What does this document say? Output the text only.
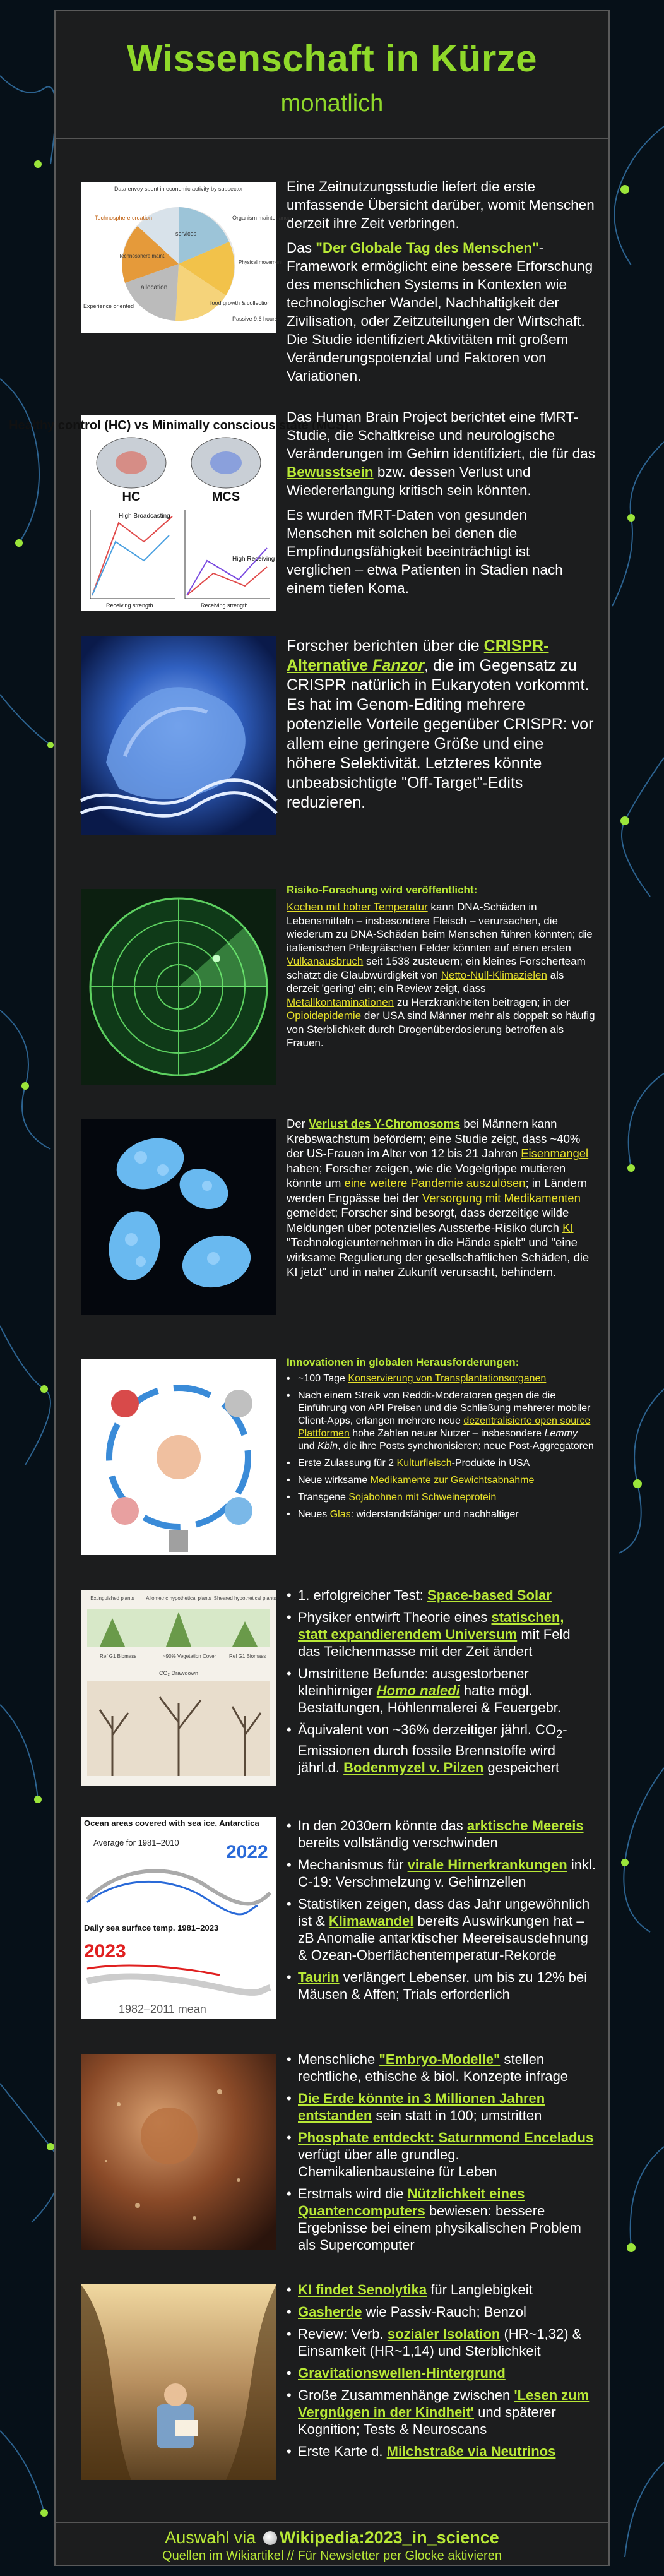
Wissenschaft in Kürze
monatlich
Data envoy spent in economic activity by subsector
Technosphere creation
services
allocation
Organism maintenance
food growth & collection
Experience oriented
Passive 9.6 hours
Physical movement
Technosphere maint.

Eine Zeitnutzungsstudie liefert die erste umfassende Übersicht darüber, womit Menschen derzeit ihre Zeit verbringen.

Das "Der Globale Tag des Menschen"-Framework ermöglicht eine bessere Erforschung des menschlichen Systems in Kontexten wie technologischer Wandel, Nachhaltigkeit der Zivilisation, oder Zeitzuteilungen der Wirtschaft. Die Studie identifiziert Aktivitäten mit großem Veränderungspotenzial und Faktoren von Variationen.

Healthy control (HC) vs Minimally conscious state (MCS)
HC	MCS
High Broadcasting
High Receiving
Receiving strength	Receiving strength

Das Human Brain Project berichtet eine fMRT-Studie, die Schaltkreise und neurologische Veränderungen im Gehirn identifiziert, die für das Bewusstsein bzw. dessen Verlust und Wiedererlangung kritisch sein könnten.

Es wurden fMRT-Daten von gesunden Menschen mit solchen bei denen die Empfindungsfähigkeit beeinträchtigt ist verglichen – etwa Patienten in Stadien nach einem tiefen Koma.

Forscher berichten über die CRISPR-Alternative Fanzor, die im Gegensatz zu CRISPR natürlich in Eukaryoten vorkommt. Es hat im Genom-Editing mehrere potenzielle Vorteile gegenüber CRISPR: vor allem eine geringere Größe und eine höhere Selektivität. Letzteres könnte unbeabsichtigte "Off-Target"-Edits reduzieren.

Risiko-Forschung wird veröffentlicht:

Kochen mit hoher Temperatur kann DNA-Schäden in Lebensmitteln – insbesondere Fleisch – verursachen, die wiederum zu DNA-Schäden beim Menschen führen könnten; die italienischen Phlegräischen Felder könnten auf einen ersten Vulkanausbruch seit 1538 zusteuern; ein kleines Forscherteam schätzt die Glaubwürdigkeit von Netto-Null-Klimazielen als derzeit 'gering' ein; ein Review zeigt, dass Metallkontaminationen zu Herzkrankheiten beitragen; in der Opioidepidemie der USA sind Männer mehr als doppelt so häufig von Sterblichkeit durch Drogenüberdosierung betroffen als Frauen.

Der Verlust des Y-Chromosoms bei Männern kann Krebswachstum befördern; eine Studie zeigt, dass ~40% der US-Frauen im Alter von 12 bis 21 Jahren Eisenmangel haben; Forscher zeigen, wie die Vogelgrippe mutieren könnte um eine weitere Pandemie auszulösen; in Ländern werden Engpässe bei der Versorgung mit Medikamenten gemeldet; Forscher sind besorgt, dass derzeitige wilde Meldungen über potenzielles Aussterbe-Risiko durch KI "Technologieunternehmen in die Hände spielt" und "eine wirksame Regulierung der gesellschaftlichen Schäden, die KI jetzt" und in naher Zukunft verursacht, behindern.

Innovationen in globalen Herausforderungen:
• ~100 Tage Konservierung von Transplantationsorganen
• Nach einem Streik von Reddit-Moderatoren gegen die die Einführung von API Preisen und die Schließung mehrerer mobiler Client-Apps, erlangen mehrere neue dezentralisierte open source Plattformen hohe Zahlen neuer Nutzer – insbesondere Lemmy und Kbin, die ihre Posts synchronisieren; neue Post-Aggregatoren
• Erste Zulassung für 2 Kulturfleisch-Produkte in USA
• Neue wirksame Medikamente zur Gewichtsabnahme
• Transgene Sojabohnen mit Schweineprotein
• Neues Glas: widerstandsfähiger und nachhaltiger
Extinguished plants Allometric hypothetical plants Sheared hypothetical plants
Ref G1 Biomass	~90% Vegetation Cover	Ref G1 Biomass
CO₂ Drawdown
• 1. erfolgreicher Test: Space-based Solar
• Physiker entwirft Theorie eines statischen, statt expandierendem Universum mit Feld das Teilchenmasse mit der Zeit ändert
• Umstrittene Befunde: ausgestorbener kleinhirniger Homo naledi hatte mögl. Bestattungen, Höhlenmalerei & Feuergebr.
• Äquivalent von ~36% derzeitiger jährl. $CO_2$-Emissionen durch fossile Brennstoffe wird jährl.d. Bodenmyzel v. Pilzen gespeichert
Ocean areas covered with sea ice, Antarctica
Average for 1981–2010 2022
Daily sea surface temp. 1981–2023
2023
1982–2011 mean
• In den 2030ern könnte das arktische Meereis bereits vollständig verschwinden
• Mechanismus für virale Hirnerkrankungen inkl. C-19: Verschmelzung v. Gehirnzellen
• Statistiken zeigen, dass das Jahr ungewöhnlich ist & Klimawandel bereits Auswirkungen hat – zB Anomalie antarktischer Meereisausdehnung & Ozean-Oberflächentemperatur-Rekorde
• Taurin verlängert Lebenser. um bis zu 12% bei Mäusen & Affen; Trials erforderlich
• Menschliche "Embryo-Modelle" stellen rechtliche, ethische & biol. Konzepte infrage
• Die Erde könnte in 3 Millionen Jahren entstanden sein statt in 100; umstritten
• Phosphate entdeckt: Saturnmond Enceladus verfügt über alle grundleg. Chemikalienbausteine für Leben
• Erstmals wird die Nützlichkeit eines Quantencomputers bewiesen: bessere Ergebnisse bei einem physikalischen Problem als Supercomputer
• KI findet Senolytika für Langlebigkeit
• Gasherde wie Passiv-Rauch; Benzol
• Review: Verb. sozialer Isolation (HR~1,32) & Einsamkeit (HR~1,14) und Sterblichkeit
• Gravitationswellen-Hintergrund
• Große Zusammenhänge zwischen 'Lesen zum Vergnügen in der Kindheit' und späterer Kognition; Tests & Neuroscans
• Erste Karte d. Milchstraße via Neutrinos
Auswahl via Wikipedia:2023_in_science
Quellen im Wikiartikel // Für Newsletter per Glocke aktivieren
